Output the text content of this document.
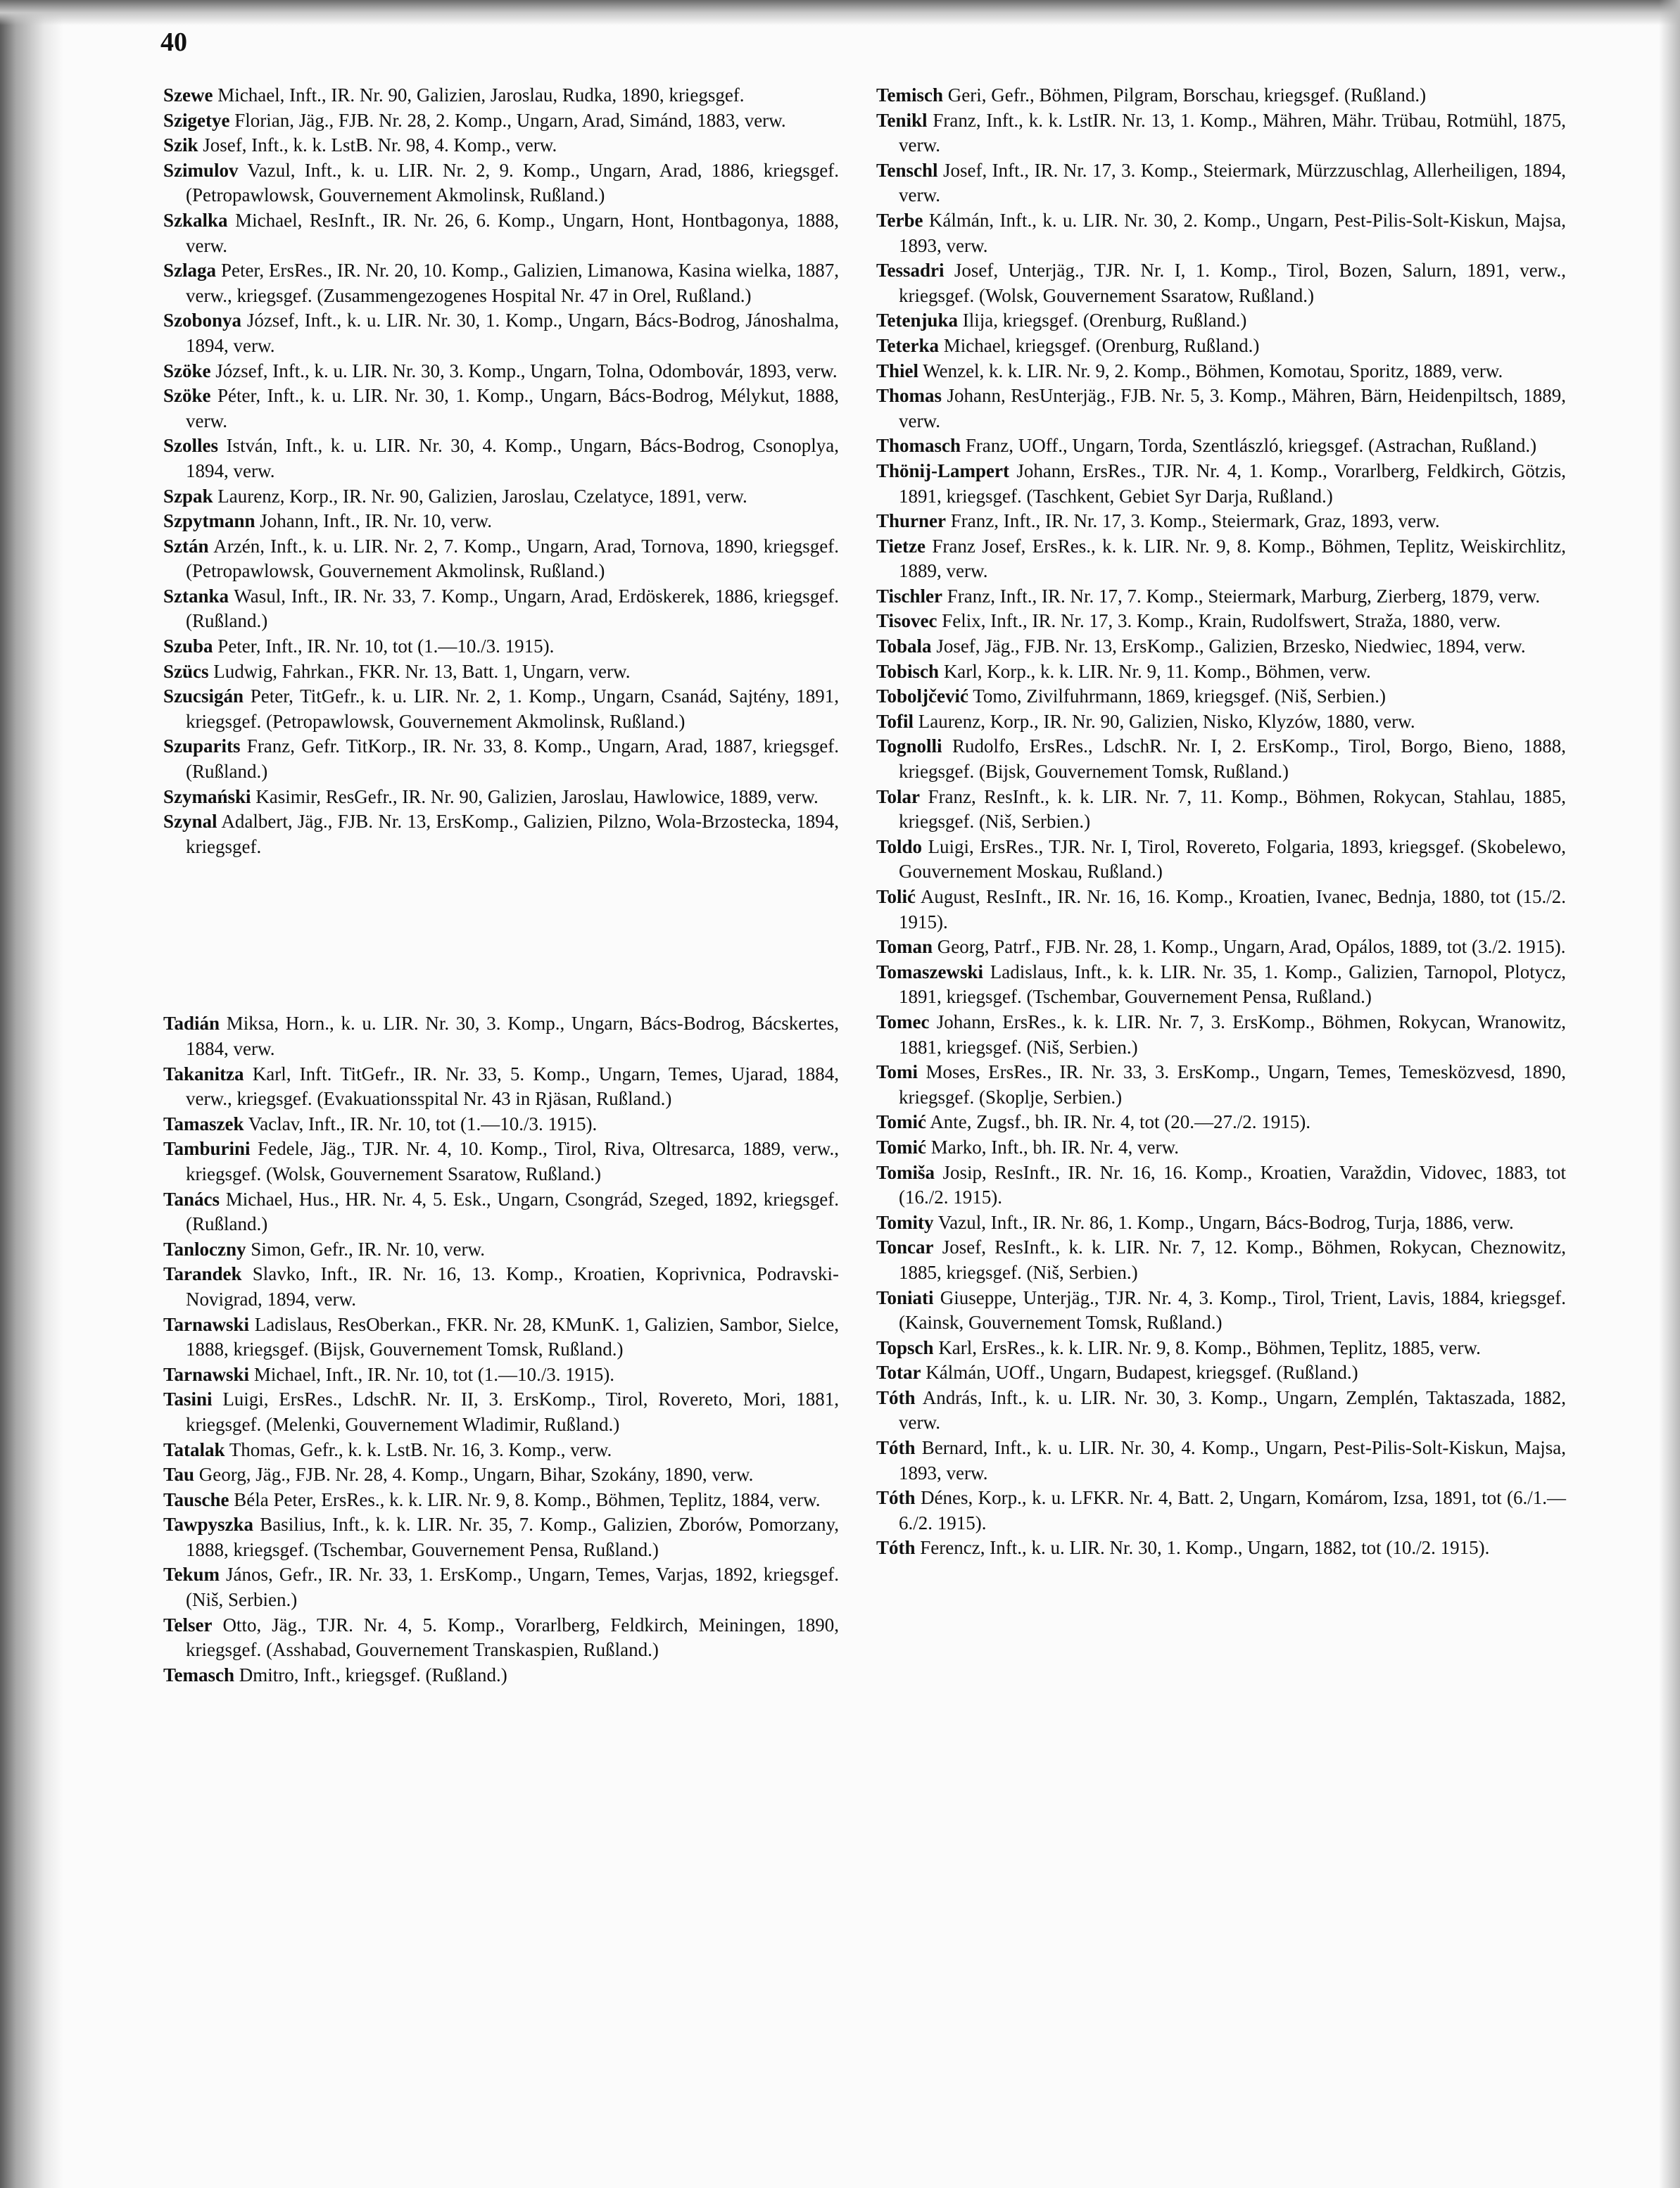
40

Szewe Michael, Inft., IR. Nr. 90, Galizien, Jaroslau, Rudka, 1890, kriegsgef.

Szigetye Florian, Jäg., FJB. Nr. 28, 2. Komp., Ungarn, Arad, Simánd, 1883, verw.

Szik Josef, Inft., k. k. LstB. Nr. 98, 4. Komp., verw.

Szimulov Vazul, Inft., k. u. LIR. Nr. 2, 9. Komp., Ungarn, Arad, 1886, kriegsgef. (Petropawlowsk, Gouvernement Akmolinsk, Rußland.)

Szkalka Michael, ResInft., IR. Nr. 26, 6. Komp., Ungarn, Hont, Hontbagonya, 1888, verw.

Szlaga Peter, ErsRes., IR. Nr. 20, 10. Komp., Galizien, Limanowa, Kasina wielka, 1887, verw., kriegsgef. (Zusammengezogenes Hospital Nr. 47 in Orel, Rußland.)

Szobonya József, Inft., k. u. LIR. Nr. 30, 1. Komp., Ungarn, Bács-Bodrog, Jánoshalma, 1894, verw.

Szöke József, Inft., k. u. LIR. Nr. 30, 3. Komp., Ungarn, Tolna, Odombovár, 1893, verw.

Szöke Péter, Inft., k. u. LIR. Nr. 30, 1. Komp., Ungarn, Bács-Bodrog, Mélykut, 1888, verw.

Szolles István, Inft., k. u. LIR. Nr. 30, 4. Komp., Ungarn, Bács-Bodrog, Csonoplya, 1894, verw.

Szpak Laurenz, Korp., IR. Nr. 90, Galizien, Jaroslau, Czelatyce, 1891, verw.

Szpytmann Johann, Inft., IR. Nr. 10, verw.

Sztán Arzén, Inft., k. u. LIR. Nr. 2, 7. Komp., Ungarn, Arad, Tornova, 1890, kriegsgef. (Petropawlowsk, Gouvernement Akmolinsk, Rußland.)

Sztanka Wasul, Inft., IR. Nr. 33, 7. Komp., Ungarn, Arad, Erdöskerek, 1886, kriegsgef. (Rußland.)

Szuba Peter, Inft., IR. Nr. 10, tot (1.—10./3. 1915).

Szücs Ludwig, Fahrkan., FKR. Nr. 13, Batt. 1, Ungarn, verw.

Szucsigán Peter, TitGefr., k. u. LIR. Nr. 2, 1. Komp., Ungarn, Csanád, Sajtény, 1891, kriegsgef. (Petropawlowsk, Gouvernement Akmolinsk, Rußland.)

Szuparits Franz, Gefr. TitKorp., IR. Nr. 33, 8. Komp., Ungarn, Arad, 1887, kriegsgef. (Rußland.)

Szymański Kasimir, ResGefr., IR. Nr. 90, Galizien, Jaroslau, Hawlowice, 1889, verw.

Szynal Adalbert, Jäg., FJB. Nr. 13, ErsKomp., Galizien, Pilzno, Wola-Brzostecka, 1894, kriegsgef.

Tadián Miksa, Horn., k. u. LIR. Nr. 30, 3. Komp., Ungarn, Bács-Bodrog, Bácskertes, 1884, verw.

Takanitza Karl, Inft. TitGefr., IR. Nr. 33, 5. Komp., Ungarn, Temes, Ujarad, 1884, verw., kriegsgef. (Evakuationsspital Nr. 43 in Rjäsan, Rußland.)

Tamaszek Vaclav, Inft., IR. Nr. 10, tot (1.—10./3. 1915).

Tamburini Fedele, Jäg., TJR. Nr. 4, 10. Komp., Tirol, Riva, Oltresarca, 1889, verw., kriegsgef. (Wolsk, Gouvernement Ssaratow, Rußland.)

Tanács Michael, Hus., HR. Nr. 4, 5. Esk., Ungarn, Csongrád, Szeged, 1892, kriegsgef. (Rußland.)

Tanloczny Simon, Gefr., IR. Nr. 10, verw.

Tarandek Slavko, Inft., IR. Nr. 16, 13. Komp., Kroatien, Koprivnica, Podravski-Novigrad, 1894, verw.

Tarnawski Ladislaus, ResOberkan., FKR. Nr. 28, KMunK. 1, Galizien, Sambor, Sielce, 1888, kriegsgef. (Bijsk, Gouvernement Tomsk, Rußland.)

Tarnawski Michael, Inft., IR. Nr. 10, tot (1.—10./3. 1915).

Tasini Luigi, ErsRes., LdschR. Nr. II, 3. ErsKomp., Tirol, Rovereto, Mori, 1881, kriegsgef. (Melenki, Gouvernement Wladimir, Rußland.)

Tatalak Thomas, Gefr., k. k. LstB. Nr. 16, 3. Komp., verw.

Tau Georg, Jäg., FJB. Nr. 28, 4. Komp., Ungarn, Bihar, Szokány, 1890, verw.

Tausche Béla Peter, ErsRes., k. k. LIR. Nr. 9, 8. Komp., Böhmen, Teplitz, 1884, verw.

Tawpyszka Basilius, Inft., k. k. LIR. Nr. 35, 7. Komp., Galizien, Zborów, Pomorzany, 1888, kriegsgef. (Tschembar, Gouvernement Pensa, Rußland.)

Tekum János, Gefr., IR. Nr. 33, 1. ErsKomp., Ungarn, Temes, Varjas, 1892, kriegsgef. (Niš, Serbien.)

Telser Otto, Jäg., TJR. Nr. 4, 5. Komp., Vorarlberg, Feldkirch, Meiningen, 1890, kriegsgef. (Asshabad, Gouvernement Transkaspien, Rußland.)

Temasch Dmitro, Inft., kriegsgef. (Rußland.)

Temisch Geri, Gefr., Böhmen, Pilgram, Borschau, kriegsgef. (Rußland.)

Tenikl Franz, Inft., k. k. LstIR. Nr. 13, 1. Komp., Mähren, Mähr. Trübau, Rotmühl, 1875, verw.

Tenschl Josef, Inft., IR. Nr. 17, 3. Komp., Steiermark, Mürzzuschlag, Allerheiligen, 1894, verw.

Terbe Kálmán, Inft., k. u. LIR. Nr. 30, 2. Komp., Ungarn, Pest-Pilis-Solt-Kiskun, Majsa, 1893, verw.

Tessadri Josef, Unterjäg., TJR. Nr. I, 1. Komp., Tirol, Bozen, Salurn, 1891, verw., kriegsgef. (Wolsk, Gouvernement Ssaratow, Rußland.)

Tetenjuka Ilija, kriegsgef. (Orenburg, Rußland.)

Teterka Michael, kriegsgef. (Orenburg, Rußland.)

Thiel Wenzel, k. k. LIR. Nr. 9, 2. Komp., Böhmen, Komotau, Sporitz, 1889, verw.

Thomas Johann, ResUnterjäg., FJB. Nr. 5, 3. Komp., Mähren, Bärn, Heidenpiltsch, 1889, verw.

Thomasch Franz, UOff., Ungarn, Torda, Szentlászló, kriegsgef. (Astrachan, Rußland.)

Thönij-Lampert Johann, ErsRes., TJR. Nr. 4, 1. Komp., Vorarlberg, Feldkirch, Götzis, 1891, kriegsgef. (Taschkent, Gebiet Syr Darja, Rußland.)

Thurner Franz, Inft., IR. Nr. 17, 3. Komp., Steiermark, Graz, 1893, verw.

Tietze Franz Josef, ErsRes., k. k. LIR. Nr. 9, 8. Komp., Böhmen, Teplitz, Weiskirchlitz, 1889, verw.

Tischler Franz, Inft., IR. Nr. 17, 7. Komp., Steiermark, Marburg, Zierberg, 1879, verw.

Tisovec Felix, Inft., IR. Nr. 17, 3. Komp., Krain, Rudolfswert, Straža, 1880, verw.

Tobala Josef, Jäg., FJB. Nr. 13, ErsKomp., Galizien, Brzesko, Niedwiec, 1894, verw.

Tobisch Karl, Korp., k. k. LIR. Nr. 9, 11. Komp., Böhmen, verw.

Toboljčević Tomo, Zivilfuhrmann, 1869, kriegsgef. (Niš, Serbien.)

Tofil Laurenz, Korp., IR. Nr. 90, Galizien, Nisko, Klyzów, 1880, verw.

Tognolli Rudolfo, ErsRes., LdschR. Nr. I, 2. ErsKomp., Tirol, Borgo, Bieno, 1888, kriegsgef. (Bijsk, Gouvernement Tomsk, Rußland.)

Tolar Franz, ResInft., k. k. LIR. Nr. 7, 11. Komp., Böhmen, Rokycan, Stahlau, 1885, kriegsgef. (Niš, Serbien.)

Toldo Luigi, ErsRes., TJR. Nr. I, Tirol, Rovereto, Folgaria, 1893, kriegsgef. (Skobelewo, Gouvernement Moskau, Rußland.)

Tolić August, ResInft., IR. Nr. 16, 16. Komp., Kroatien, Ivanec, Bednja, 1880, tot (15./2. 1915).

Toman Georg, Patrf., FJB. Nr. 28, 1. Komp., Ungarn, Arad, Opálos, 1889, tot (3./2. 1915).

Tomaszewski Ladislaus, Inft., k. k. LIR. Nr. 35, 1. Komp., Galizien, Tarnopol, Plotycz, 1891, kriegsgef. (Tschembar, Gouvernement Pensa, Rußland.)

Tomec Johann, ErsRes., k. k. LIR. Nr. 7, 3. ErsKomp., Böhmen, Rokycan, Wranowitz, 1881, kriegsgef. (Niš, Serbien.)

Tomi Moses, ErsRes., IR. Nr. 33, 3. ErsKomp., Ungarn, Temes, Temesközvesd, 1890, kriegsgef. (Skoplje, Serbien.)

Tomić Ante, Zugsf., bh. IR. Nr. 4, tot (20.—27./2. 1915).

Tomić Marko, Inft., bh. IR. Nr. 4, verw.

Tomiša Josip, ResInft., IR. Nr. 16, 16. Komp., Kroatien, Varaždin, Vidovec, 1883, tot (16./2. 1915).

Tomity Vazul, Inft., IR. Nr. 86, 1. Komp., Ungarn, Bács-Bodrog, Turja, 1886, verw.

Toncar Josef, ResInft., k. k. LIR. Nr. 7, 12. Komp., Böhmen, Rokycan, Cheznowitz, 1885, kriegsgef. (Niš, Serbien.)

Toniati Giuseppe, Unterjäg., TJR. Nr. 4, 3. Komp., Tirol, Trient, Lavis, 1884, kriegsgef. (Kainsk, Gouvernement Tomsk, Rußland.)

Topsch Karl, ErsRes., k. k. LIR. Nr. 9, 8. Komp., Böhmen, Teplitz, 1885, verw.

Totar Kálmán, UOff., Ungarn, Budapest, kriegsgef. (Rußland.)

Tóth András, Inft., k. u. LIR. Nr. 30, 3. Komp., Ungarn, Zemplén, Taktaszada, 1882, verw.

Tóth Bernard, Inft., k. u. LIR. Nr. 30, 4. Komp., Ungarn, Pest-Pilis-Solt-Kiskun, Majsa, 1893, verw.

Tóth Dénes, Korp., k. u. LFKR. Nr. 4, Batt. 2, Ungarn, Komárom, Izsa, 1891, tot (6./1.—6./2. 1915).

Tóth Ferencz, Inft., k. u. LIR. Nr. 30, 1. Komp., Ungarn, 1882, tot (10./2. 1915).
